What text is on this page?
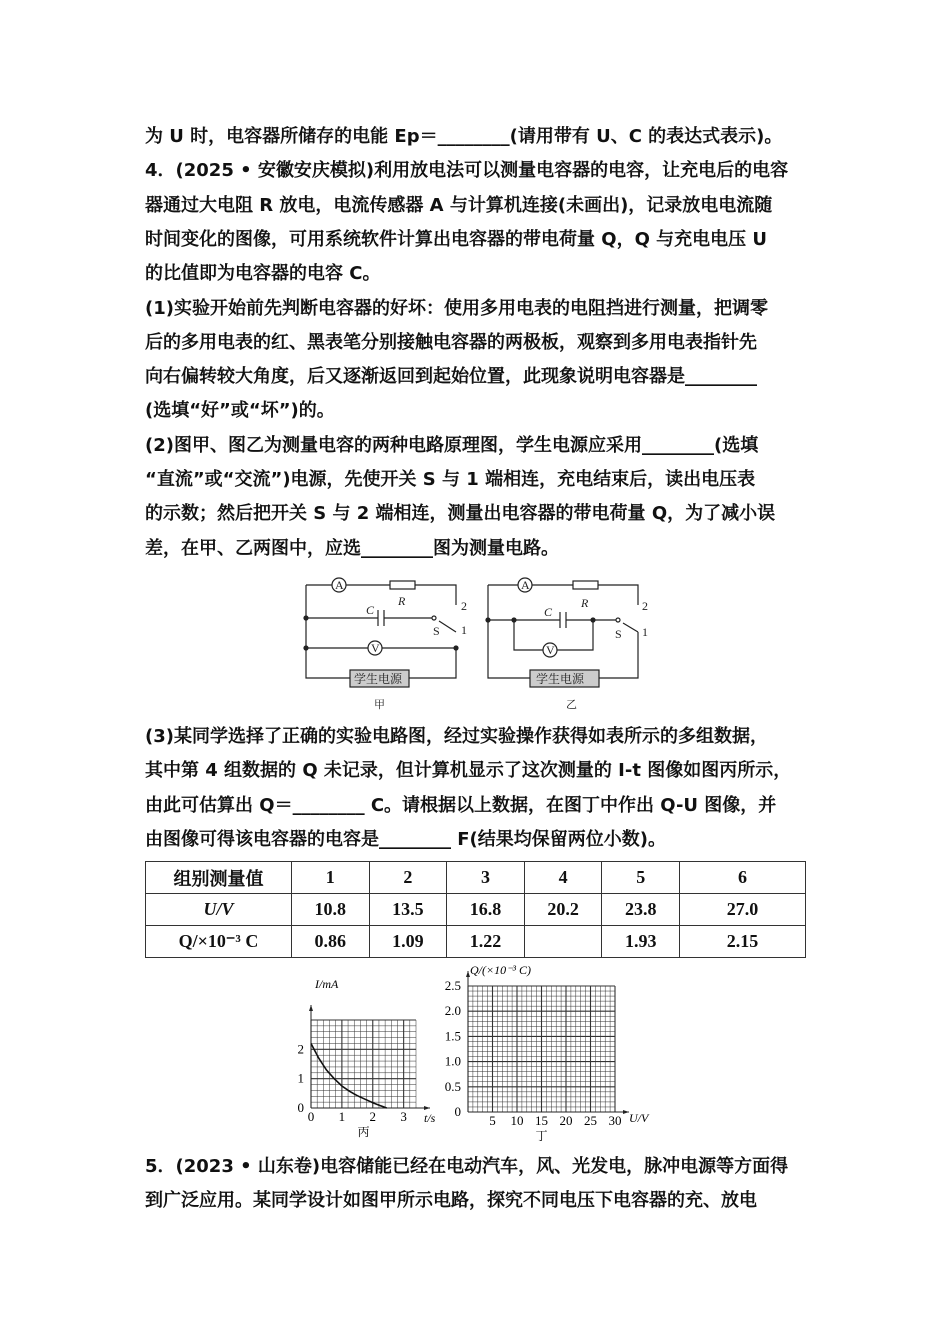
为 U 时，电容器所储存的电能 Ep＝________(请用带有 U、C 的表达式表示)。
4．(2025 • 安徽安庆模拟)利用放电法可以测量电容器的电容，让充电后的电容
器通过大电阻 R 放电，电流传感器 A 与计算机连接(未画出)，记录放电电流随
时间变化的图像，可用系统软件计算出电容器的带电荷量 Q，Q 与充电电压 U
的比值即为电容器的电容 C。
(1)实验开始前先判断电容器的好坏：使用多用电表的电阻挡进行测量，把调零
后的多用电表的红、黑表笔分别接触电容器的两极板，观察到多用电表指针先
向右偏转较大角度，后又逐渐返回到起始位置，此现象说明电容器是________
(选填“好”或“坏”)的。
(2)图甲、图乙为测量电容的两种电路原理图，学生电源应采用________(选填
“直流”或“交流”)电源，先使开关 S 与 1 端相连，充电结束后，读出电压表
的示数；然后把开关 S 与 2 端相连，测量出电容器的带电荷量 Q，为了减小误
差，在甲、乙两图中，应选________图为测量电路。
A
V
R
C
S
2
1
学生电源
甲
A
V
R
C
S
2
1
学生电源
乙
(3)某同学选择了正确的实验电路图，经过实验操作获得如表所示的多组数据，
其中第 4 组数据的 Q 未记录，但计算机显示了这次测量的 I-t 图像如图丙所示，
由此可估算出 Q＝________ C。请根据以上数据，在图丁中作出 Q-U 图像，并
由图像可得该电容器的电容是________ F(结果均保留两位小数)。
组别测量值	1	2	3	4	5	6
U/V	10.8	13.5	16.8	20.2	23.8	27.0
Q/×10⁻³ C	0.86	1.09	1.22		1.93	2.15
0 1 2 3
0
1
2
t/s
I/mA
丙
5 10 15 20 25 30
0
0.5
1.0
1.5
2.0
2.5
U/V
Q/(×10⁻³ C)
丁
5．(2023 • 山东卷)电容储能已经在电动汽车，风、光发电，脉冲电源等方面得
到广泛应用。某同学设计如图甲所示电路，探究不同电压下电容器的充、放电
